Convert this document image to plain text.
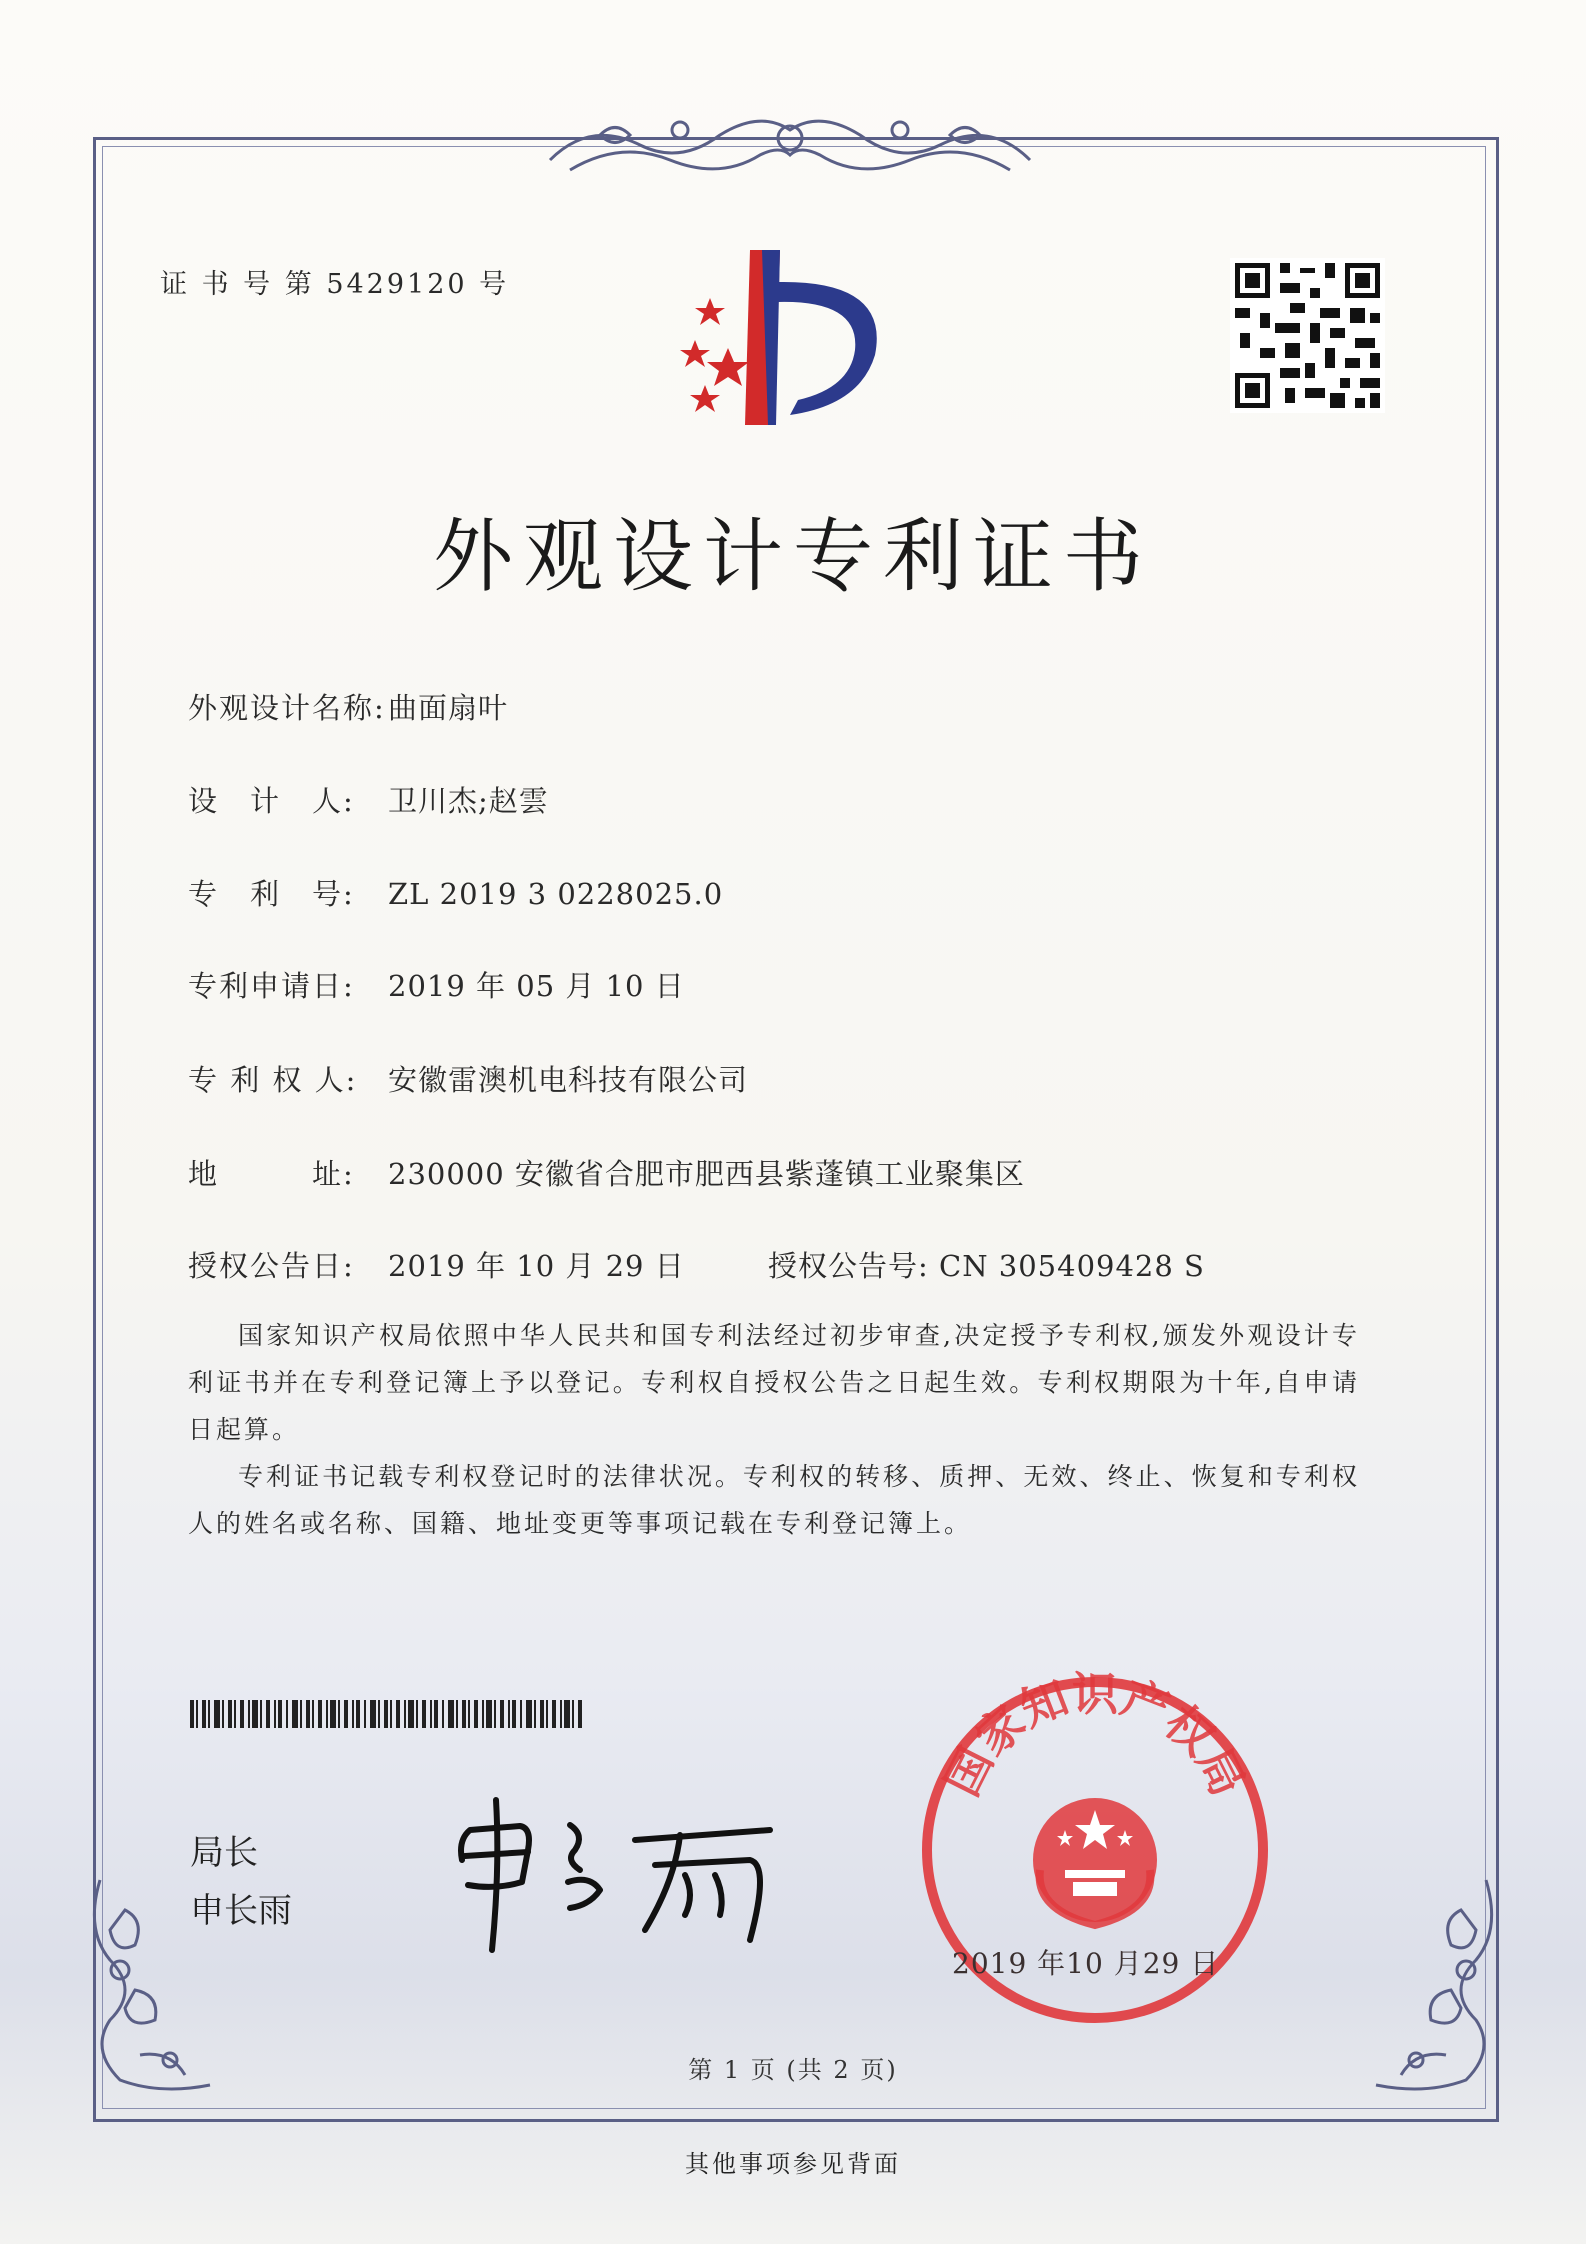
证 书 号 第 5429120 号
外观设计专利证书
外观设计名称:曲面扇叶
设　计　人: 卫川杰;赵雲
专　利　号: ZL 2019 3 0228025.0
专利申请日: 2019 年 05 月 10 日
专 利 权 人: 安徽雷澳机电科技有限公司
地　　　址: 230000 安徽省合肥市肥西县紫蓬镇工业聚集区
授权公告日: 2019 年 10 月 29 日	授权公告号: CN 305409428 S

国家知识产权局依照中华人民共和国专利法经过初步审查,决定授予专利权,颁发外观设计专利证书并在专利登记簿上予以登记。专利权自授权公告之日起生效。专利权期限为十年,自申请日起算。

专利证书记载专利权登记时的法律状况。专利权的转移、质押、无效、终止、恢复和专利权人的姓名或名称、国籍、地址变更等事项记载在专利登记簿上。

局长
申长雨
国家知识产权局
2019 年10 月29 日
第 1 页 (共 2 页)
其他事项参见背面
